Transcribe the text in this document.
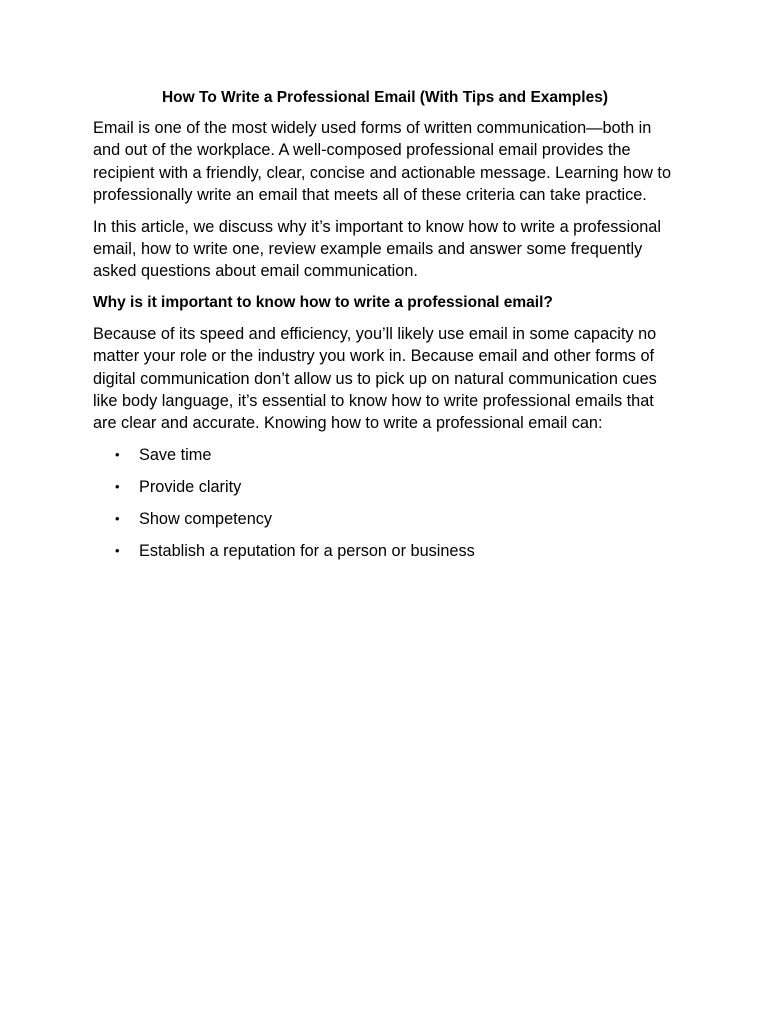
How To Write a Professional Email (With Tips and Examples)

Email is one of the most widely used forms of written communication—both in and out of the workplace. A well-composed professional email provides the recipient with a friendly, clear, concise and actionable message. Learning how to professionally write an email that meets all of these criteria can take practice.

In this article, we discuss why it’s important to know how to write a professional email, how to write one, review example emails and answer some frequently asked questions about email communication.

Why is it important to know how to write a professional email?

Because of its speed and efficiency, you’ll likely use email in some capacity no matter your role or the industry you work in. Because email and other forms of digital communication don’t allow us to pick up on natural communication cues like body language, it’s essential to know how to write professional emails that are clear and accurate. Knowing how to write a professional email can:

• Save time
• Provide clarity
• Show competency
• Establish a reputation for a person or business
